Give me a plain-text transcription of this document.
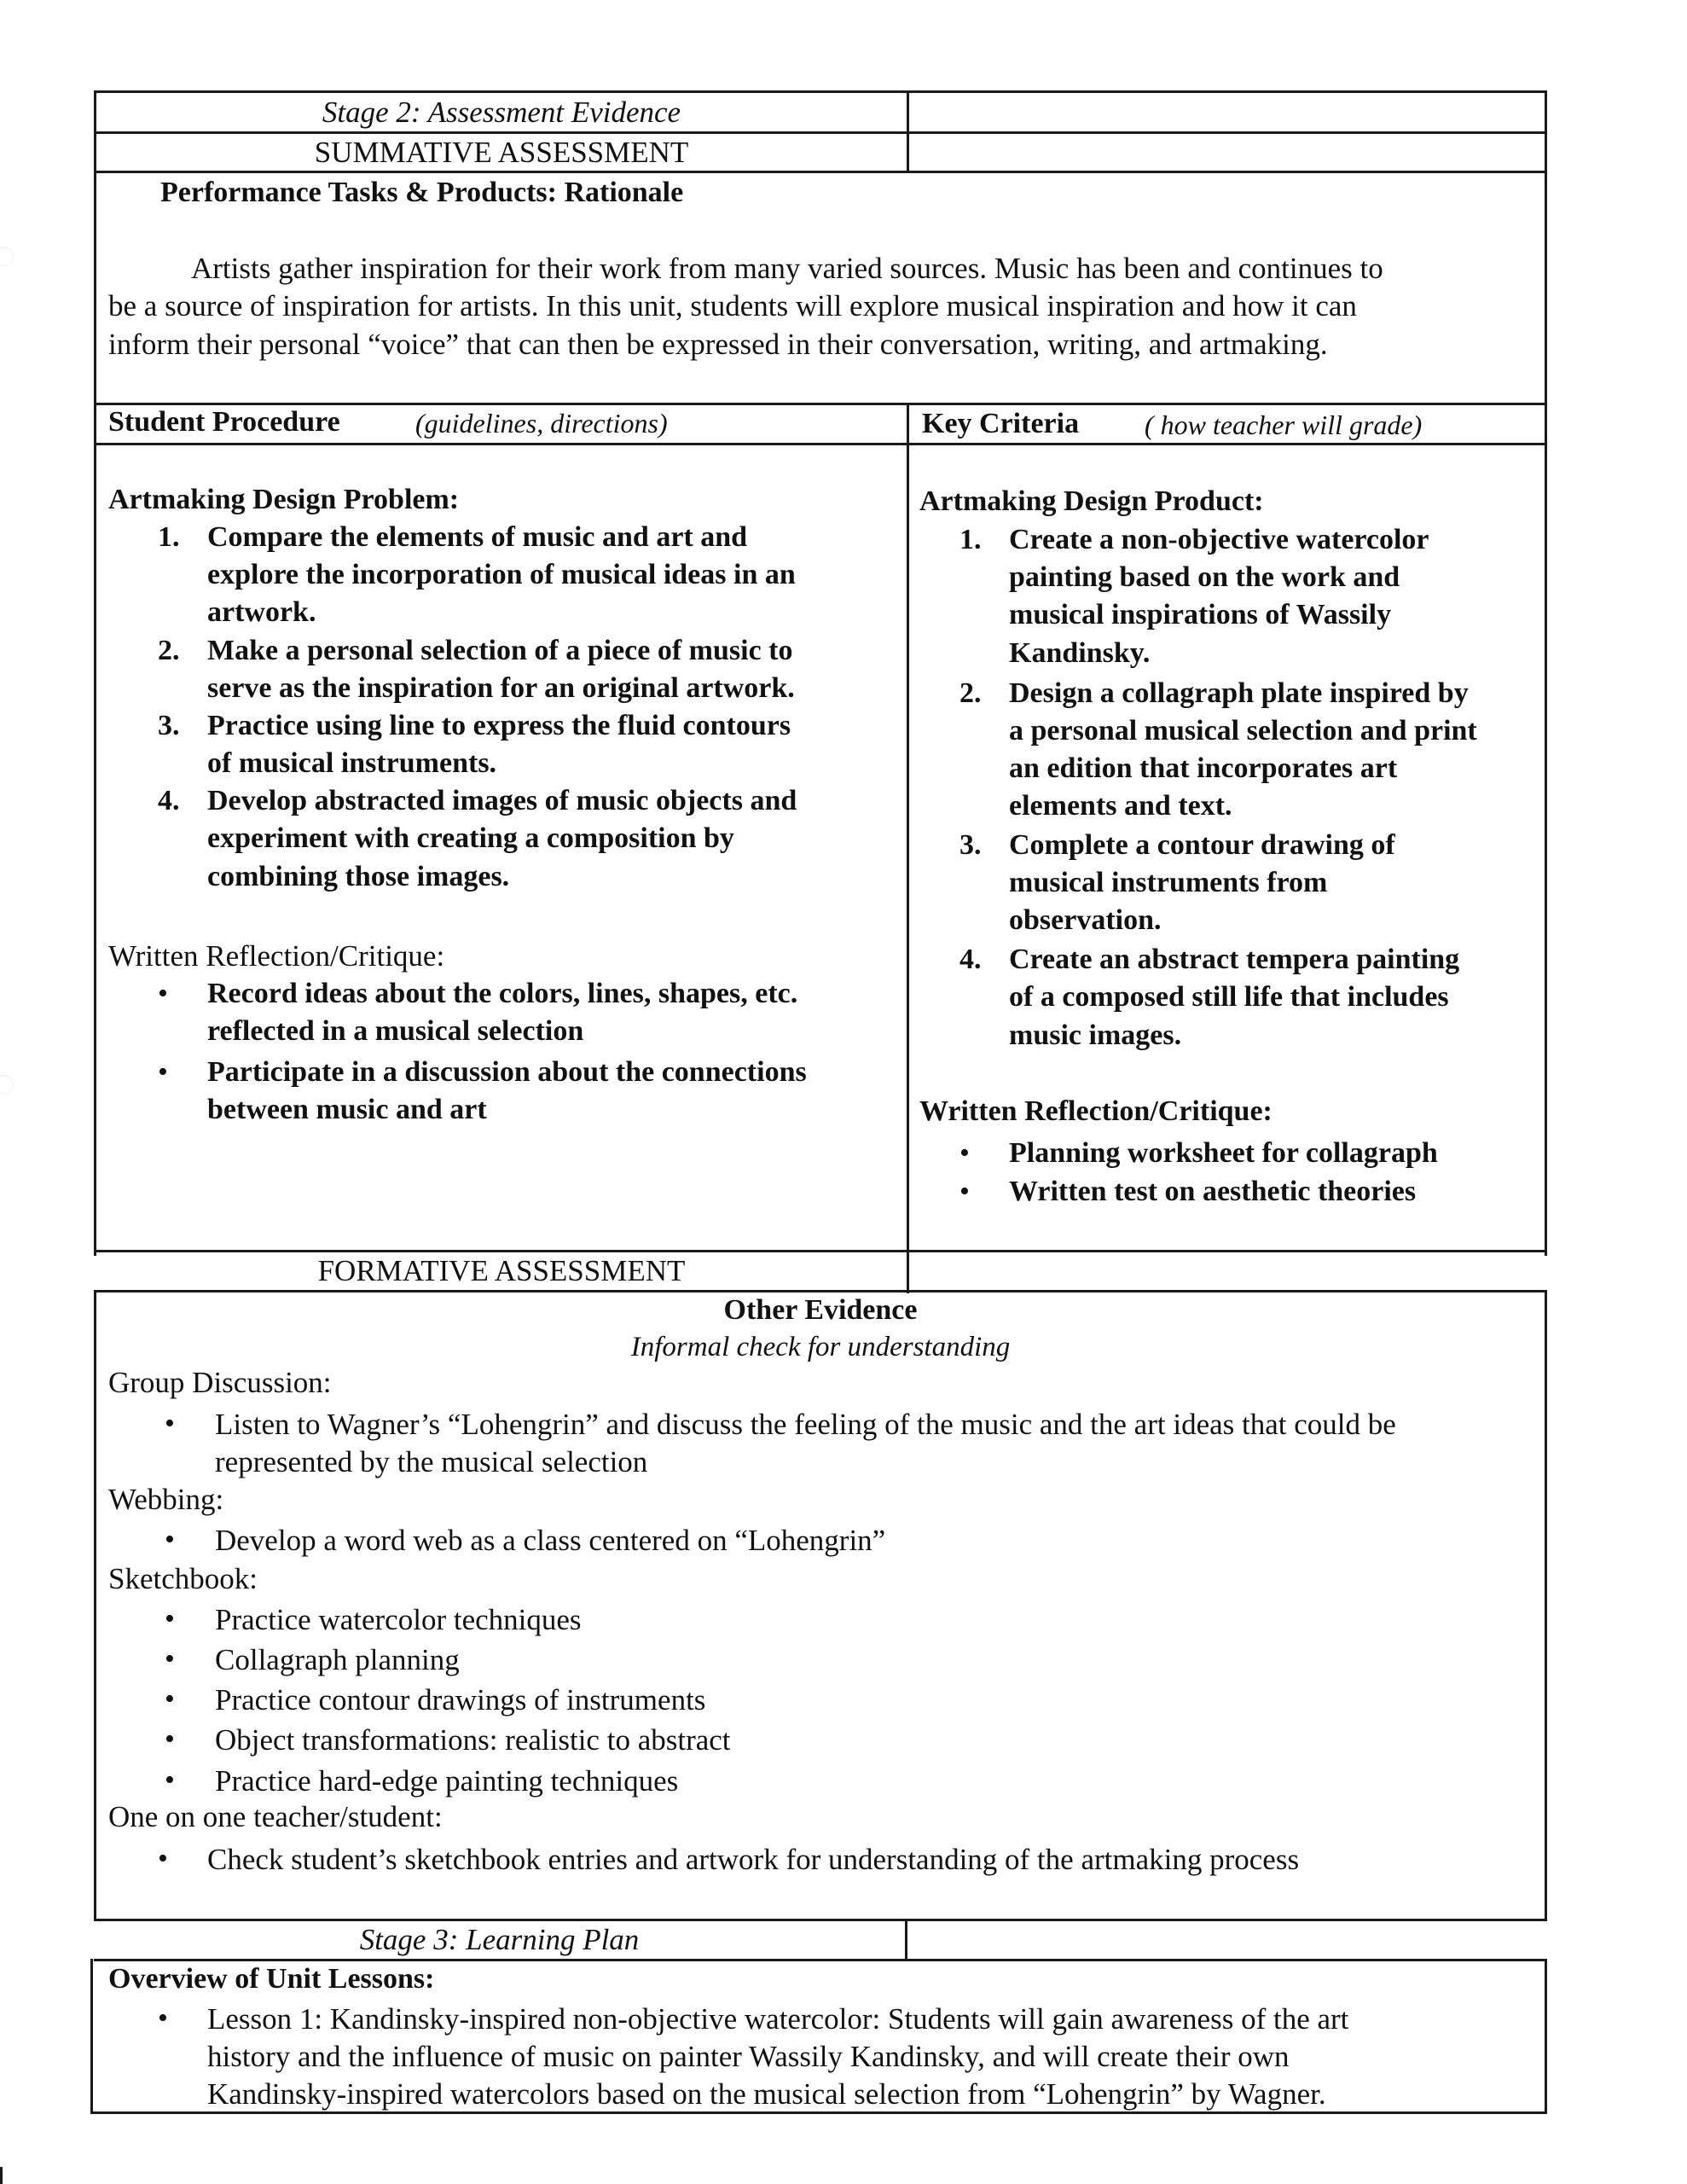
Stage 2: Assessment Evidence
SUMMATIVE ASSESSMENT
Performance Tasks & Products: Rationale
Artists gather inspiration for their work from many varied sources. Music has been and continues to
be a source of inspiration for artists. In this unit, students will explore musical inspiration and how it can
inform their personal “voice” that can then be expressed in their conversation, writing, and artmaking.
Student Procedure	(guidelines, directions)	Key Criteria ( how teacher will grade)
Artmaking Design Problem:
1. Compare the elements of music and art and
explore the incorporation of musical ideas in an
artwork.
2. Make a personal selection of a piece of music to
serve as the inspiration for an original artwork.
3. Practice using line to express the fluid contours
of musical instruments.
4. Develop abstracted images of music objects and
experiment with creating a composition by
combining those images.
Written Reflection/Critique:
• Record ideas about the colors, lines, shapes, etc.
reflected in a musical selection
• Participate in a discussion about the connections
between music and art
Artmaking Design Product:
1. Create a non-objective watercolor
painting based on the work and
musical inspirations of Wassily
Kandinsky.
2. Design a collagraph plate inspired by
a personal musical selection and print
an edition that incorporates art
elements and text.
3. Complete a contour drawing of
musical instruments from
observation.
4. Create an abstract tempera painting
of a composed still life that includes
music images.
Written Reflection/Critique:
• Planning worksheet for collagraph
• Written test on aesthetic theories
FORMATIVE ASSESSMENT
Other Evidence
Informal check for understanding
Group Discussion:
• Listen to Wagner’s “Lohengrin” and discuss the feeling of the music and the art ideas that could be
represented by the musical selection
Webbing:
• Develop a word web as a class centered on “Lohengrin”
Sketchbook:
• Practice watercolor techniques
• Collagraph planning
• Practice contour drawings of instruments
• Object transformations: realistic to abstract
• Practice hard-edge painting techniques
One on one teacher/student:
• Check student’s sketchbook entries and artwork for understanding of the artmaking process
Stage 3: Learning Plan
Overview of Unit Lessons:
• Lesson 1: Kandinsky-inspired non-objective watercolor: Students will gain awareness of the art
history and the influence of music on painter Wassily Kandinsky, and will create their own
Kandinsky-inspired watercolors based on the musical selection from “Lohengrin” by Wagner.
